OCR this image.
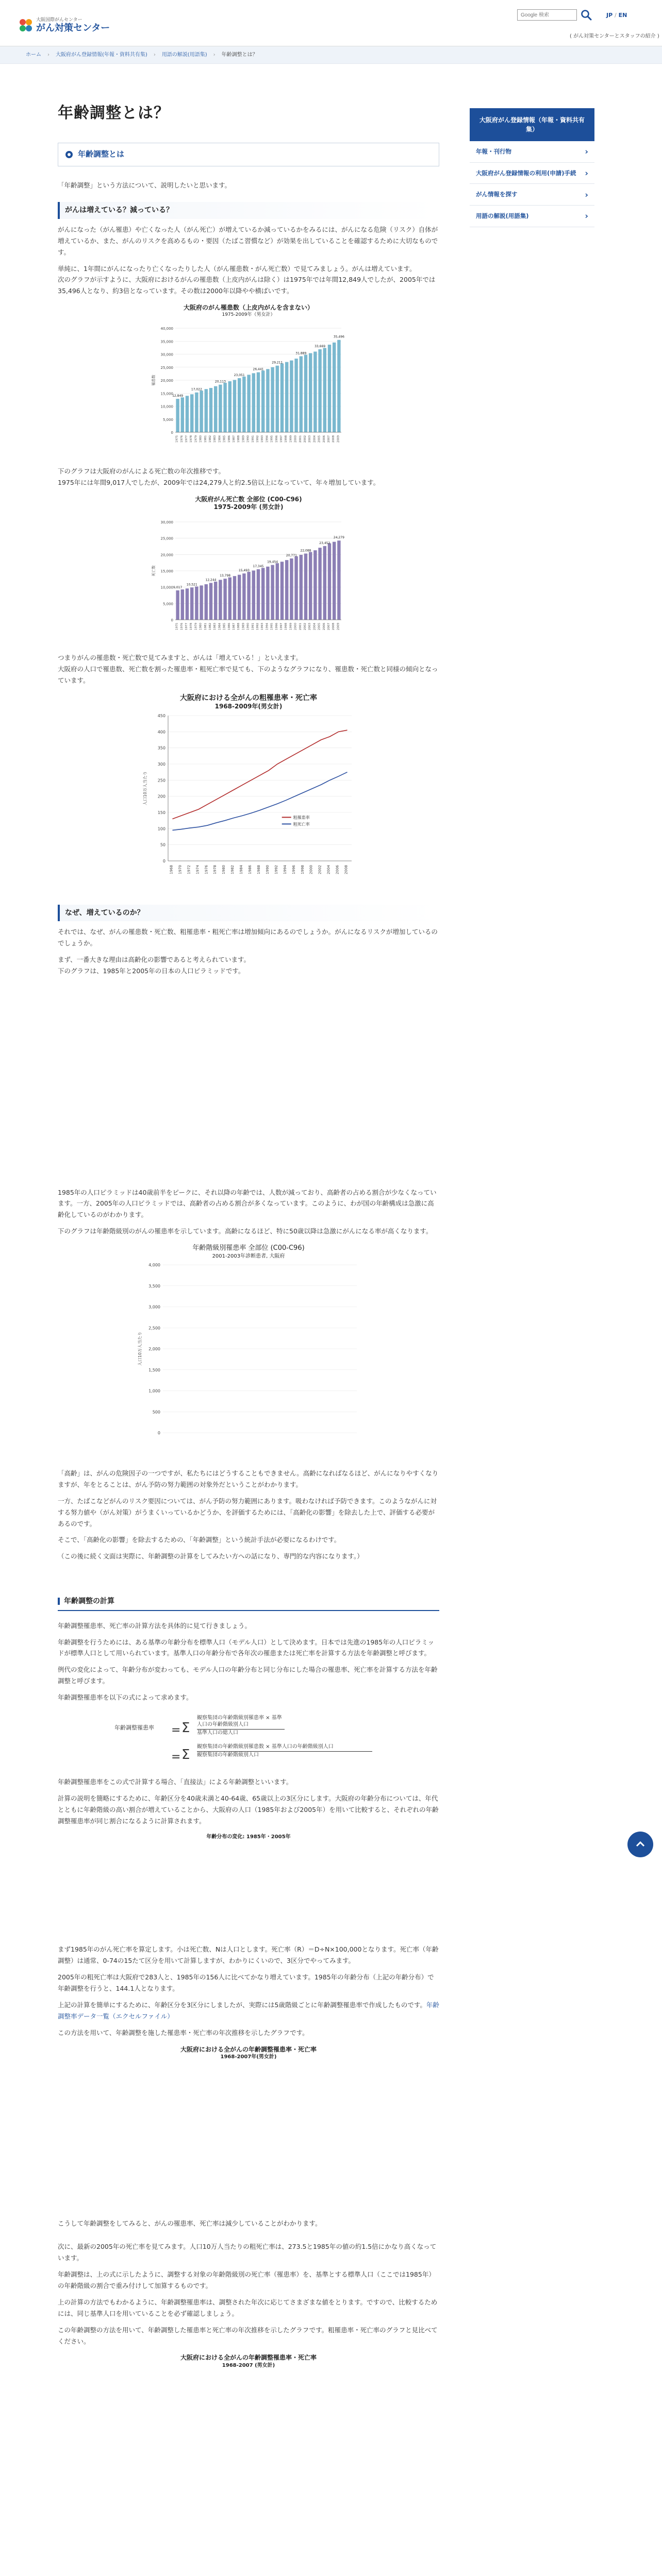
大阪国際がんセンター
がん対策センター
Google 検索
JP / EN
( がん対策センターとスタッフの紹介 )
ホーム › 大阪府がん登録情報(年報・資料共有集) › 用語の解説(用語集) › 年齢調整とは？
大阪府がん登録情報（年報・資料共有集）
年報・刊行物 ›
大阪府がん登録情報の利用(申請)手続 ›
がん情報を探す ›
用語の解説(用語集) ›
年齢調整とは？
年齢調整とは

「年齢調整」という方法について、説明したいと思います。

がんは増えている？減っている？

がんになった（がん罹患）や亡くなった人（がん死亡）が増えているか減っているかをみるには、がんになる危険（リスク）自体が増えているか、また、がんのリスクを高めるもの・要因（たばこ習慣など）が効果を出していることを確認するために大切なものです。

単純に、1年間にがんになったり亡くなったりした人（がん罹患数・がん死亡数）で見てみましょう。がんは増えています。

次のグラフが示すように、大阪府におけるがんの罹患数（上皮内がんは除く）は1975年では年間12,849人でしたが、2005年では35,496人となり、約3倍となっています。その数は2000年以降やや横ばいです。

大阪府のがん罹患数（上皮内がんを含まない）
1975-2009年（男女計）
0
5,000
10,000
15,000
20,000
25,000
30,000
35,000
40,000
罹患数
1975 1976 1977 1978 1979 1980 1981 1982 1983 1984 1985 1986 1987 1988 1989 1990 1991 1992 1993 1994 1995 1996 1997 1998 1999 2000 2001 2002 2003 2004 2005 2006 2007 2008 2009
12,849
17,022
20,113
23,051
26,441
29,211
31,889
33,669
35,496

下のグラフは大阪府のがんによる死亡数の年次推移です。

1975年には年間9,017人でしたが、2009年では24,279人と約2.5倍以上になっていて、年々増加しています。

大阪府がん死亡数 全部位 (C00-C96)
1975-2009年 (男女計)
0
5,000
10,000
15,000
20,000
25,000
30,000
死亡数
1975 1976 1977 1978 1979 1980 1981 1982 1983 1984 1985 1986 1987 1988 1989 1990 1991 1992 1993 1994 1995 1996 1997 1998 1999 2000 2001 2002 2003 2004 2005 2006 2007 2008 2009
9,017
10,521
12,244
13,798
15,493
17,345
19,454
20,771
22,088
23,452
24,279

つまりがんの罹患数・死亡数で見てみますと、がんは「増えている！」といえます。

大阪府の人口で罹患数、死亡数を割った罹患率・粗死亡率で見ても、下のようなグラフになり、罹患数・死亡数と同様の傾向となっています。

大阪府における全がんの粗罹患率・死亡率
1968-2009年(男女計)
0
50
100
150
200
250
300
350
400
450
人口10万人当たり
1968 1970 1972 1974 1976 1978 1980 1982 1984 1986 1988 1990 1992 1994 1996 1998 2000 2002 2004 2006 2008
粗罹患率
粗死亡率
なぜ、増えているのか？

それでは、なぜ、がんの罹患数・死亡数、粗罹患率・粗死亡率は増加傾向にあるのでしょうか。がんになるリスクが増加しているのでしょうか。

まず、一番大きな理由は高齢化の影響であると考えられています。

下のグラフは、1985年と2005年の日本の人口ピラミッドです。

1985年の人口ピラミッドは40歳前半をピークに、それ以降の年齢では、人数が減っており、高齢者の占める割合が少なくなっています。一方、2005年の人口ピラミッドでは、高齢者の占める割合が多くなっています。このように、わが国の年齢構成は急激に高齢化しているのがわかります。

下のグラフは年齢階級別のがんの罹患率を示しています。高齢になるほど、特に50歳以降は急激にがんになる率が高くなります。

年齢階級別罹患率 全部位 (C00-C96)
2001-2003年診断患者, 大阪府
0
500
1,000
1,500
2,000
2,500
3,000
3,500
4,000
人口10万人当たり

「高齢」は、がんの危険因子の一つですが、私たちにはどうすることもできません。高齢になればなるほど、がんになりやすくなりますが、年をとることは、がん予防の努力範囲の対象外だということがわかります。

一方、たばこなどがんのリスク要因については、がん予防の努力範囲にあります。吸わなければ予防できます。このようながんに対する努力値や（がん対策）がうまくいっているかどうか、を評価するためには、「高齢化の影響」を除去した上で、評価する必要があるのです。

そこで、「高齢化の影響」を除去するための、「年齢調整」という統計手法が必要になるわけです。

（この後に続く文面は実際に、年齢調整の計算をしてみたい方への話になり、専門的な内容になります。）

年齢調整の計算

年齢調整罹患率、死亡率の計算方法を具体的に見て行きましょう。

年齢調整を行うためには、ある基準の年齢分布を標準人口（モデル人口）として決めます。日本では先進の1985年の人口ピラミッドが標準人口として用いられています。基準人口の年齢分布で各年次の罹患または死亡率を計算する方法を年齢調整と呼びます。

例代の変化によって、年齢分布が変わっても、モデル人口の年齢分布と同じ分布にした場合の罹患率、死亡率を計算する方法を年齢調整と呼びます。

年齢調整罹患率を以下の式によって求めます。

年齢調整罹患率 = Σ
観察集団の年齢階級別罹患率 × 基準人口の年齢階級別人口
基準人口の総人口
= Σ
観察集団の年齢階級別罹患数 × 基準人口の年齢階級別人口
観察集団の年齢階級別人口

年齢調整罹患率をこの式で計算する場合、「直接法」による年齢調整といいます。

計算の説明を簡略にするために、年齢区分を40歳未満と40-64歳、65歳以上の3区分にします。大阪府の年齢分布については、年代とともに年齢階級の高い割合が増えていることから、大阪府の人口（1985年および2005年）を用いて比較すると、それぞれの年齢調整罹患率が同じ割合になるように計算されます。

年齢分布の変化: 1985年・2005年

まず1985年のがん死亡率を算定します。小は死亡数、Nは人口とします。死亡率（R）＝D÷N×100,000となります。死亡率（年齢調整）は通常、0-74の15たて区分を用いて計算しますが、わかりにくいので、3区分でやってみます。

2005年の粗死亡率は大阪府で283人と、1985年の156人に比べてかなり増えています。1985年の年齢分布（上記の年齢分布）で年齢調整を行うと、144.1人となります。

上記の計算を簡単にするために、年齢区分を3区分にしましたが、実際には5歳階級ごとに年齢調整罹患率で作成したものです。年齢調整率データ一覧（エクセルファイル）

この方法を用いて、年齢調整を施した罹患率・死亡率の年次推移を示したグラフです。

大阪府における全がんの年齢調整罹患率・死亡率
1968-2007年(男女計)

こうして年齢調整をしてみると、がんの罹患率、死亡率は減少していることがわかります。

次に、最新の2005年の死亡率を見てみます。人口10万人当たりの粗死亡率は、273.5と1985年の値の約1.5倍にかなり高くなっています。

年齢調整は、上の式に示したように、調整する対象の年齢階級別の死亡率（罹患率）を、基準とする標準人口（ここでは1985年）の年齢階級の割合で重み付けして加算するものです。

上の計算の方法でもわかるように、年齢調整罹患率は、調整された年次に応じてさまざまな値をとります。ですので、比較するためには、同じ基準人口を用いていることを必ず確認しましょう。

この年齢調整の方法を用いて、年齢調整した罹患率と死亡率の年次推移を示したグラフです。粗罹患率・死亡率のグラフと見比べてください。

大阪府における全がんの年齢調整罹患率・死亡率
1968-2007 (男女計)
